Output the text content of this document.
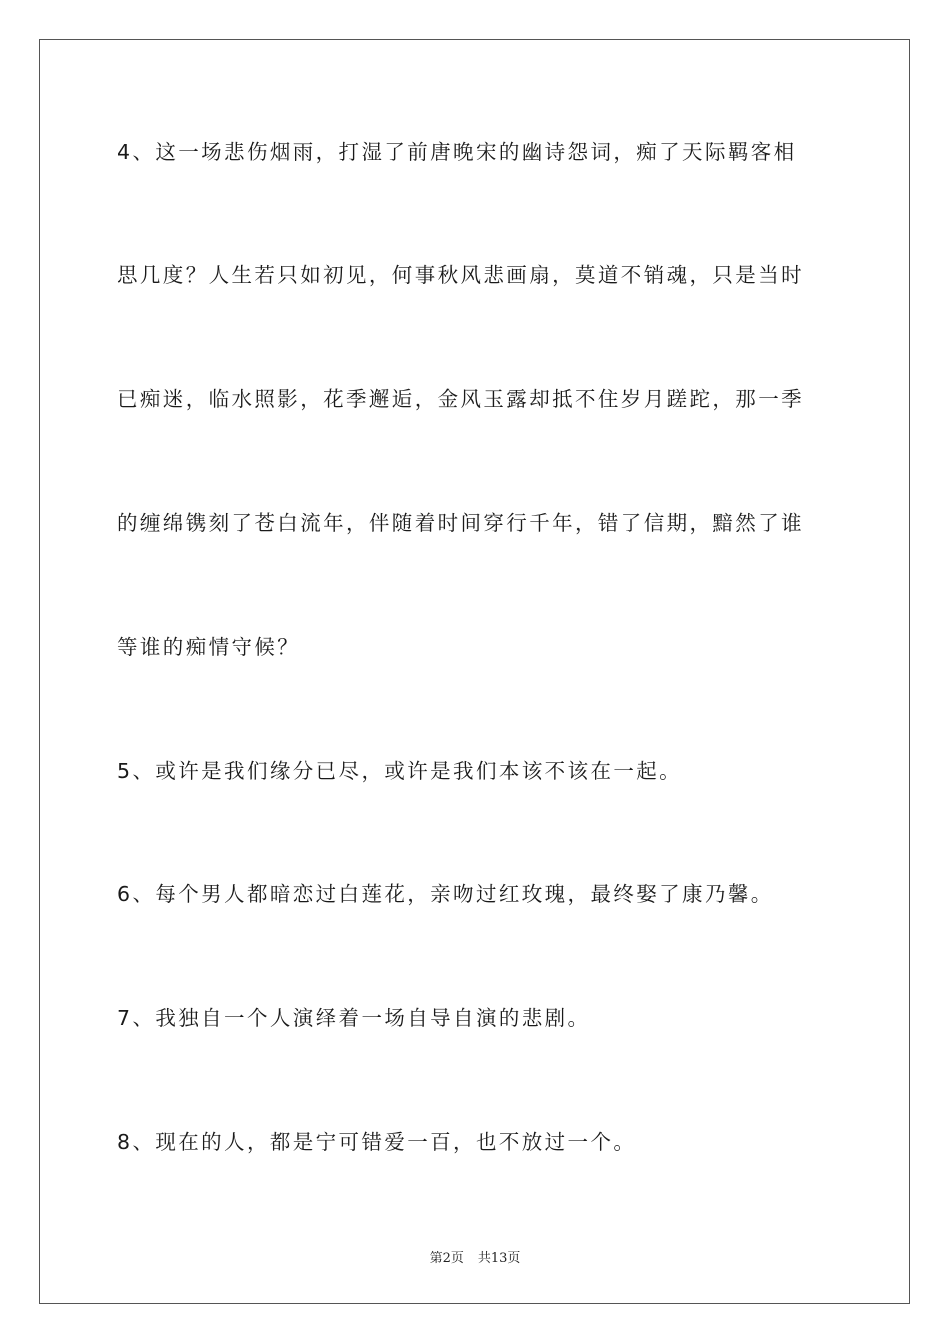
4、这一场悲伤烟雨，打湿了前唐晚宋的幽诗怨词，痴了天际羁客相
思几度？人生若只如初见，何事秋风悲画扇，莫道不销魂，只是当时
已痴迷，临水照影，花季邂逅，金风玉露却抵不住岁月蹉跎，那一季
的缠绵镌刻了苍白流年，伴随着时间穿行千年，错了信期，黯然了谁
等谁的痴情守候？
5、或许是我们缘分已尽，或许是我们本该不该在一起。
6、每个男人都暗恋过白莲花，亲吻过红玫瑰，最终娶了康乃馨。
7、我独自一个人演绎着一场自导自演的悲剧。
8、现在的人，都是宁可错爱一百，也不放过一个。
第2页 共13页
